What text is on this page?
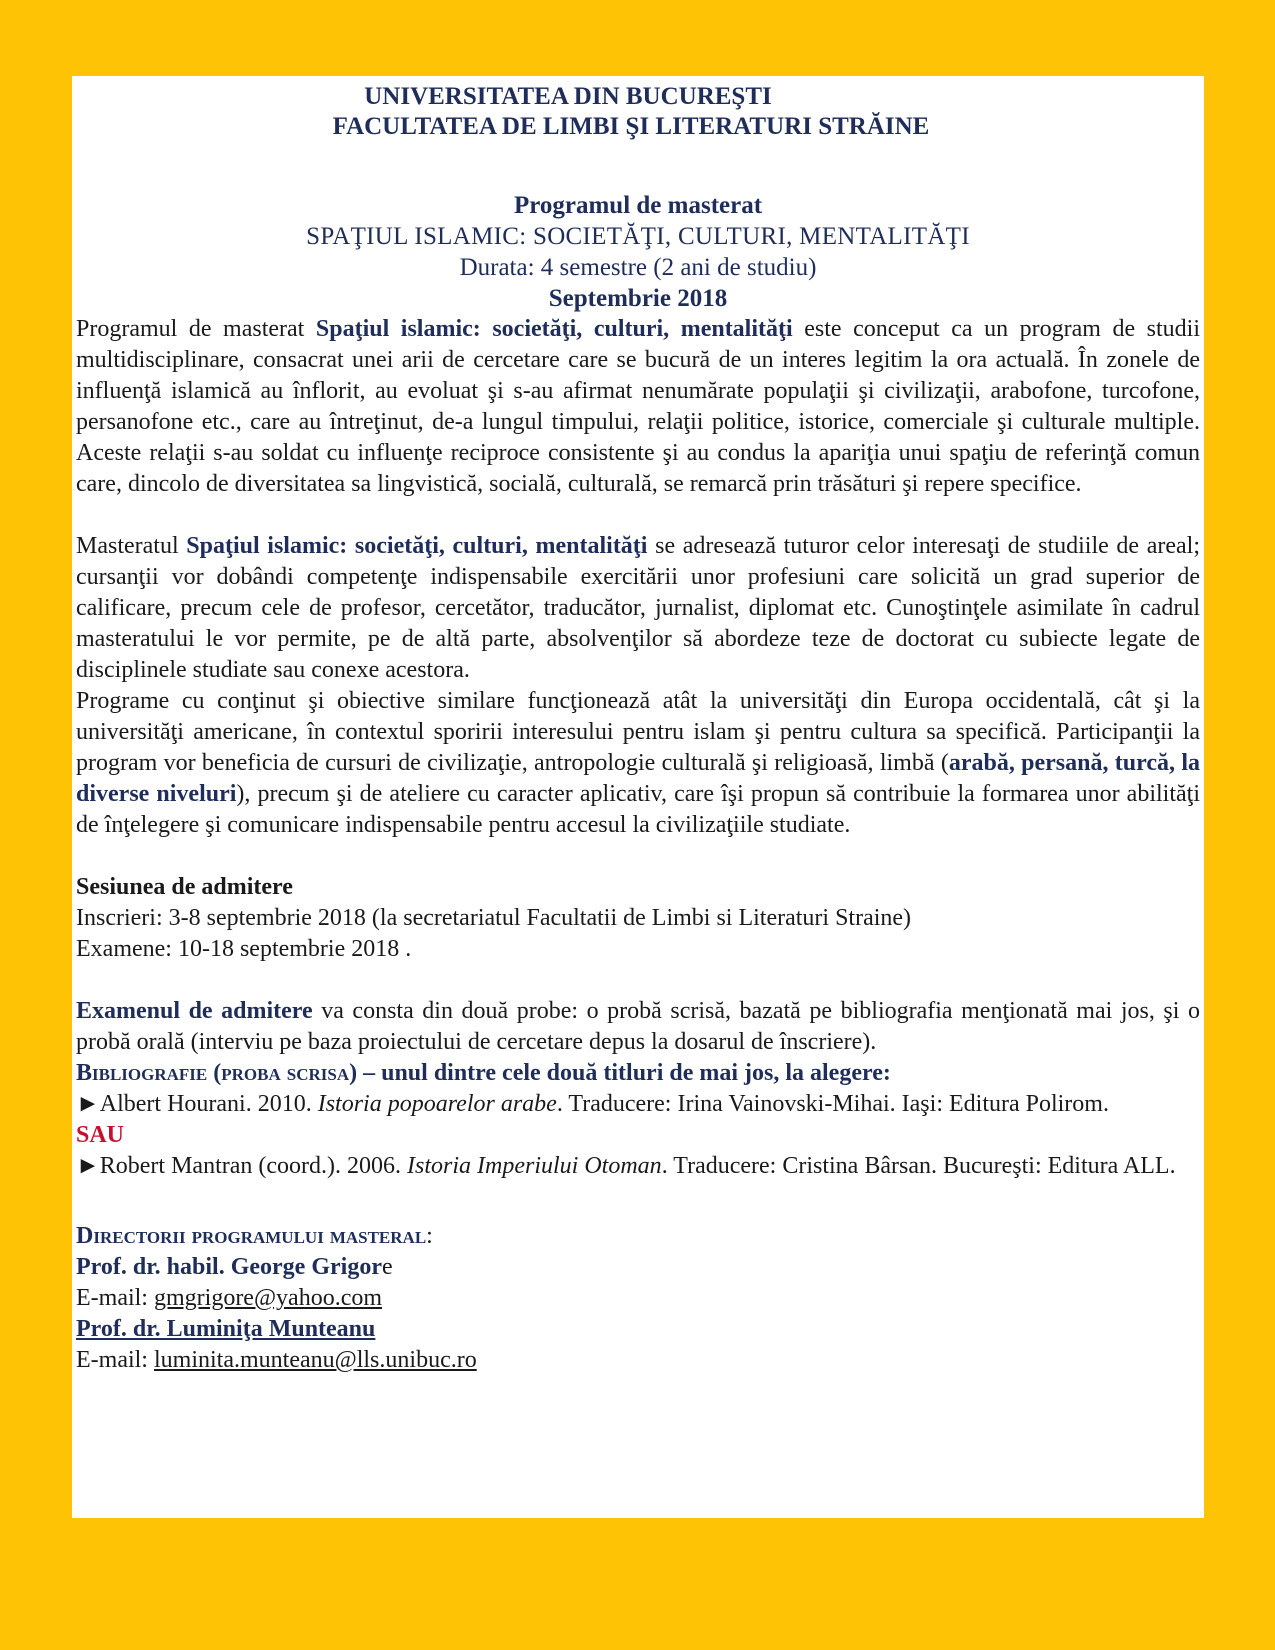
UNIVERSITATEA DIN BUCUREŞTI
FACULTATEA DE LIMBI ŞI LITERATURI STRĂINE
Programul de masterat
SPAŢIUL ISLAMIC: SOCIETĂŢI, CULTURI, MENTALITĂŢI
Durata: 4 semestre (2 ani de studiu)
Septembrie 2018

Programul de masterat Spaţiul islamic: societăţi, culturi, mentalităţi este conceput ca un program de studii multidisciplinare, consacrat unei arii de cercetare care se bucură de un interes legitim la ora actuală. În zonele de influenţă islamică au înflorit, au evoluat şi s-au afirmat nenumărate populaţii şi civilizaţii, arabofone, turcofone, persanofone etc., care au întreţinut, de-a lungul timpului, relaţii politice, istorice, comerciale şi culturale multiple. Aceste relaţii s-au soldat cu influenţe reciproce consistente şi au condus la apariţia unui spaţiu de referinţă comun care, dincolo de diversitatea sa lingvistică, socială, culturală, se remarcă prin trăsături şi repere specifice.

Masteratul Spaţiul islamic: societăţi, culturi, mentalităţi se adresează tuturor celor interesaţi de studiile de areal; cursanţii vor dobândi competenţe indispensabile exercitării unor profesiuni care solicită un grad superior de calificare, precum cele de profesor, cercetător, traducător, jurnalist, diplomat etc. Cunoştinţele asimilate în cadrul masteratului le vor permite, pe de altă parte, absolvenţilor să abordeze teze de doctorat cu subiecte legate de disciplinele studiate sau conexe acestora.

Programe cu conţinut şi obiective similare funcţionează atât la universităţi din Europa occidentală, cât şi la universităţi americane, în contextul sporirii interesului pentru islam şi pentru cultura sa specifică. Participanţii la program vor beneficia de cursuri de civilizaţie, antropologie culturală şi religioasă, limbă (arabă, persană, turcă, la diverse niveluri), precum şi de ateliere cu caracter aplicativ, care îşi propun să contribuie la formarea unor abilităţi de înţelegere şi comunicare indispensabile pentru accesul la civilizaţiile studiate.

Sesiunea de admitere
Inscrieri: 3-8 septembrie 2018 (la secretariatul Facultatii de Limbi si Literaturi Straine)
Examene: 10-18 septembrie 2018 .

Examenul de admitere va consta din două probe: o probă scrisă, bazată pe bibliografia menţionată mai jos, şi o probă orală (interviu pe baza proiectului de cercetare depus la dosarul de înscriere).

Bibliografie (proba scrisa) – unul dintre cele două titluri de mai jos, la alegere:

►Albert Hourani. 2010. Istoria popoarelor arabe. Traducere: Irina Vainovski-Mihai. Iaşi: Editura Polirom.

SAU

►Robert Mantran (coord.). 2006. Istoria Imperiului Otoman. Traducere: Cristina Bârsan. Bucureşti: Editura ALL.

Directorii programului masteral:
Prof. dr. habil. George Grigore
E-mail: gmgrigore@yahoo.com
Prof. dr. Luminiţa Munteanu
E-mail: luminita.munteanu@lls.unibuc.ro
